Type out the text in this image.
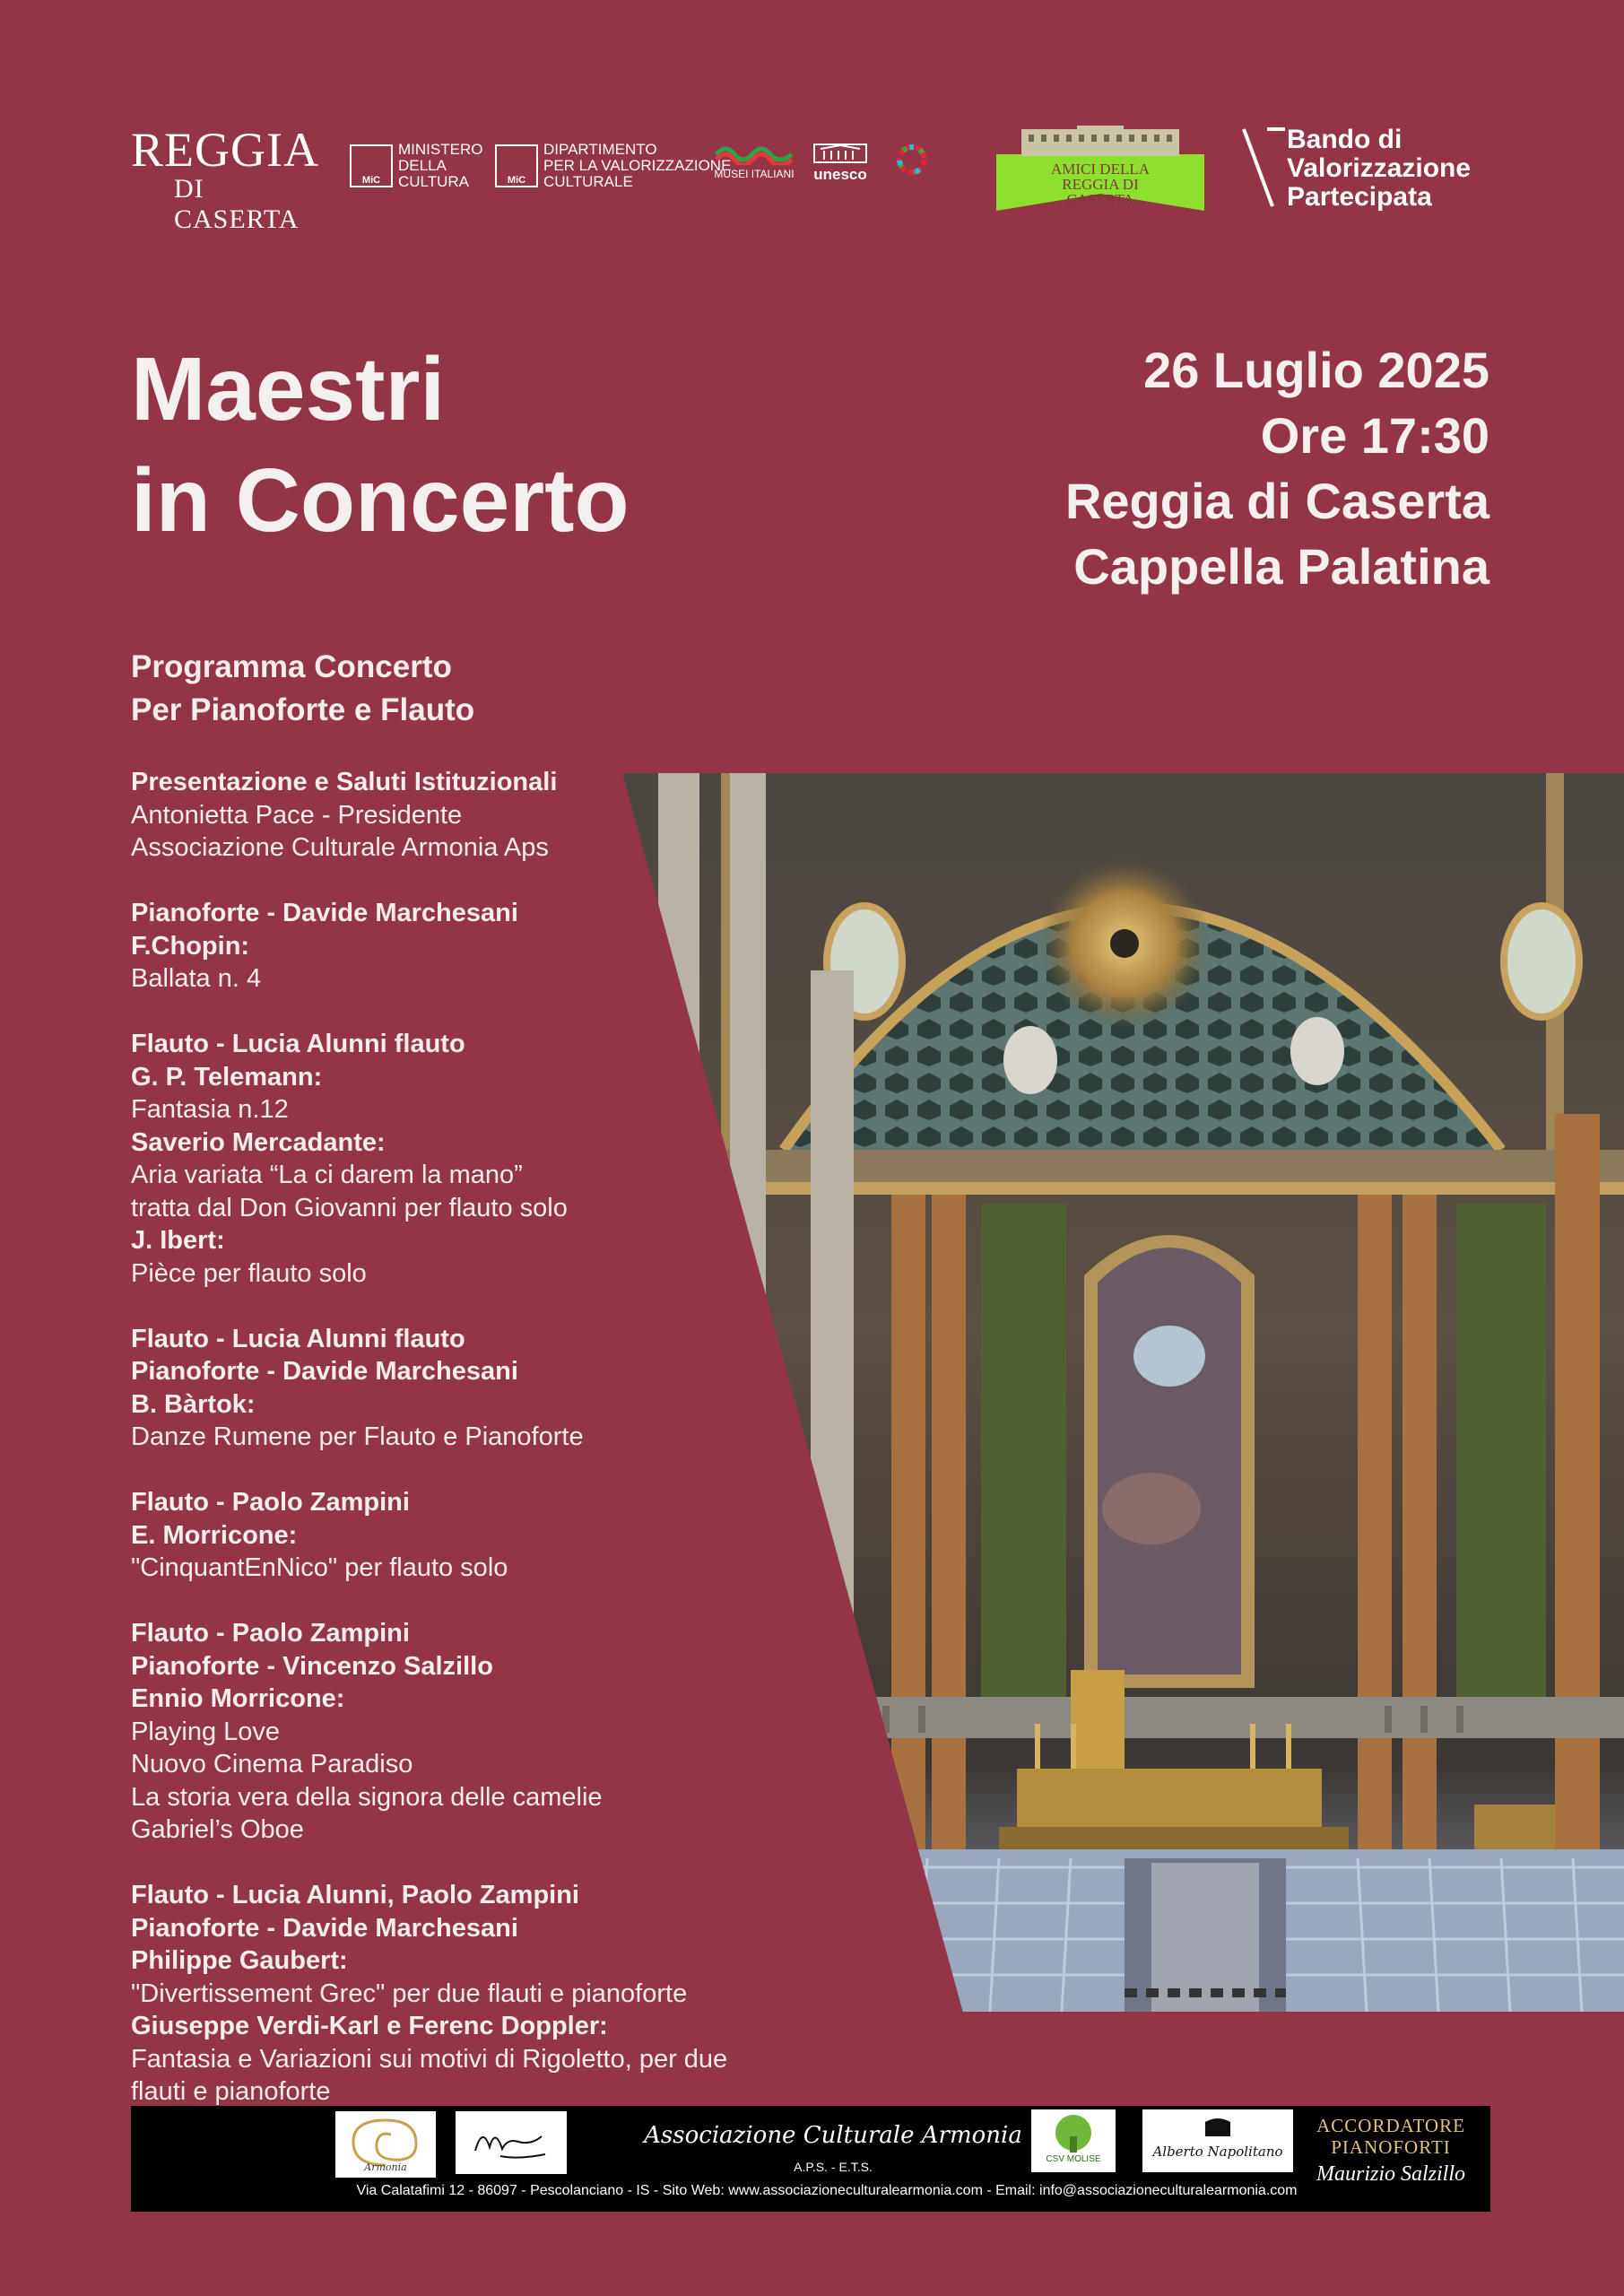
REGGIA
DI CASERTA
MiC
MINISTERO
DELLA
CULTURA	MiC
DIPARTIMENTO
PER LA VALORIZZAZIONE
CULTURALE	MUSEI ITALIANI unesco	AMICI DELLA
REGGIA DI CASERTA
Bando di
Valorizzazione
Partecipata
Maestri
in Concerto
26 Luglio 2025
Ore 17:30
Reggia di Caserta
Cappella Palatina
Programma Concerto
Per Pianoforte e Flauto
Presentazione e Saluti Istituzionali
Antonietta Pace - Presidente
Associazione Culturale Armonia Aps
Pianoforte - Davide Marchesani
F.Chopin:
Ballata n. 4
Flauto - Lucia Alunni flauto
G. P. Telemann:
Fantasia n.12
Saverio Mercadante:
Aria variata “La ci darem la mano”
tratta dal Don Giovanni per flauto solo
J. Ibert:
Pièce per flauto solo
Flauto - Lucia Alunni flauto
Pianoforte - Davide Marchesani
B. Bàrtok:
Danze Rumene per Flauto e Pianoforte
Flauto - Paolo Zampini
E. Morricone:
"CinquantEnNico" per flauto solo
Flauto - Paolo Zampini
Pianoforte - Vincenzo Salzillo
Ennio Morricone:
Playing Love
Nuovo Cinema Paradiso
La storia vera della signora delle camelie
Gabriel’s Oboe
Flauto - Lucia Alunni, Paolo Zampini
Pianoforte - Davide Marchesani
Philippe Gaubert:
"Divertissement Grec" per due flauti e pianoforte
Giuseppe Verdi-Karl e Ferenc Doppler:
Fantasia e Variazioni sui motivi di Rigoletto, per due
flauti e pianoforte
Armonia
Associazione Culturale Armonia
A.P.S. - E.T.S.
CSV MOLISE	Alberto Napolitano
ACCORDATORE
PIANOFORTI
Maurizio Salzillo
Via Calatafimi 12 - 86097 - Pescolanciano - IS - Sito Web: www.associazioneculturalearmonia.com - Email: info@associazioneculturalearmonia.com
